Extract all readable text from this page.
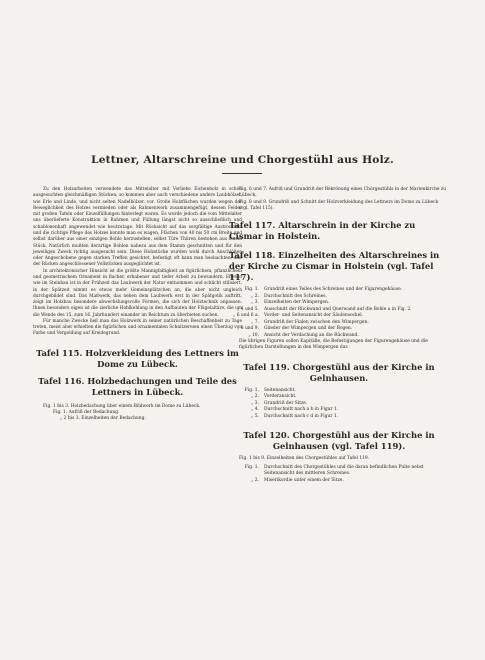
Lettner, Altarschreine und Chorgestühl aus Holz.

Zu den Holzarbeiten verwendete das Mittelalter mit Vorliebe Eichenholz in schön ausgesuchten gleichmäßigen Stücken; so kommen aber auch verschiedene andere Laubhölzer, wie Erle und Linde, und nicht selten Nadelhölzer, vor. Große Holzflächen wurden wegen der Beweglichkeit des Holzes vermieden oder als Rahmenwerk zusammengefügt, dessen Felder mit großen Tafeln oder Einzelfüllungen hinterlegt waren. Es wurde jedoch die vom Mittelalter uns überlieferte Konstruktion in Rahmen und Füllung längst nicht so ausschließlich und schablonenhaft angewendet wie heutzutage. Mit Rücksicht auf das sorgfältige Austrocknen und die richtige Pflege des Holzes konnte man es wagen, Flächen von 40 bis 50 cm Breite und selbst darüber aus einer einzigen Bohle herzustellen, selbst Türe Thüren bestehen aus einem Stück. Natürlich mußten derartige Bohlen nahezu aus dem Stamm geschnitten und für den jeweiligen Zweck richtig ausgesucht sein. Diese Holzstücke wurden wohl durch Anschlößen oder Angeschobene gegen starken Treffen gesichtet, befestigt oft kann man beobachten, daß der Rücken angeschlossener Vollstücken ausgeglichtet ist.

In architektonischer Hinsicht ist die größte Mannigfaltigkeit an figürlichem, pflanzlichem und geometrischem Ornament in flacher, erhabener und tiefer Arbeit zu bewundern. Ebenso wie im Steinbau ist in der Frühzeit das Laubwerk der Natur entnommen und schlicht stilisiert, in der Spätzeit nimmt es etwas mehr Gemeinsplätzchen an, die aber nicht ungleich durchgebildet sind. Das Maßwerk, das neben dem Laubwerk erst in der Spätgotik auftritt, zeigt im Holzbau besondere abwechslungsvolle Formen, die sich der Holztechnik anpassen. Ihnen besonders eigen ist die zierliche Hohlkehlung in den Aufbauten der Flügelaltäre, die um die Wende des 15. zum 16. Jahrhundert einander im Reichtum zu überbieten suchen.

Für manche Zwecke ließ man das Holzwerk in seiner natürlichen Beschaffenheit zu Tage treten, meist aber erhielten die figürlichen und ornamentalen Schnitzereien einen Überzug von Farbe und Vergoldung auf Kreidegrund.

Tafel 115. Holzverkleidung des Lettners im Dome zu Lübeck.

Tafel 116. Holzbedachungen und Teile des Lettners in Lübeck.

Fig. 1 bis 3. Holzbedachung über einem Bildwerk im Dome zu Lübeck.

Fig. 1. Aufriß der Bedachung.

„ 2 bis 3. Einzelheiten der Bedachung.

Fig. 6 und 7. Aufriß und Grundriß der Bekrönung eines Chörgestühls in der Marienkirche zu Lübeck.

Fig. 8 und 9. Grundriß und Schnitt der Holzverkleidung des Lettners im Dome zu Lübeck (vgl. Tafel 115).

Tafel 117. Altarschrein in der Kirche zu Cismar in Holstein.

Tafel 118. Einzelheiten des Altarschreines in der Kirche zu Cismar in Holstein (vgl. Tafel 117).

Fig. 1.	Grundriß eines Teiles des Schreines und der Figurengehäuse.
„ 2.	Durchschnitt des Schreines.
„ 3.	Einzelheiten der Wimpergen.
„ 4 und 5.	Ausschnitt der Rückwand und Querwand auf die Bohle a in Fig. 2.
„ 6 und 6 a.	Vorder- und Seitenansicht der Säulensockel.
„ 7.	Grundriß der Fialen zwischen den Wimpergen.
„ 8 und 9.	Glieder der Wimpergen und der Bogen.
„ 10.	Ansicht der Verdachung an die Rückwand.

Die übrigen Figuren sollen Kapitälle, die Befestigungen der Figurengehäuse und die figürlichen Darstellungen in den Wimpergen dar.

Tafel 119. Chorgestühl aus der Kirche in Gelnhausen.

Fig. 1.	Seitenansicht.
„ 2.	Vorderansicht.
„ 3.	Grundriß der Sitze.
„ 4.	Durchschnitt nach a b in Figur 1.
„ 5.	Durchschnitt nach c d in Figur 1.

Tafel 120. Chorgestühl aus der Kirche in Gelnhausen (vgl. Tafel 119).

Fig. 1 bis 9. Einzelheiten des Chorgestühles auf Tafel 119.

Fig. 1.	Durchschnitt des Chorgestühles und die daran befindlichen Pulte nebst Seitenansicht des mittleren Schreines.
„ 2.	Miserikordie unter einem der Sitze.
